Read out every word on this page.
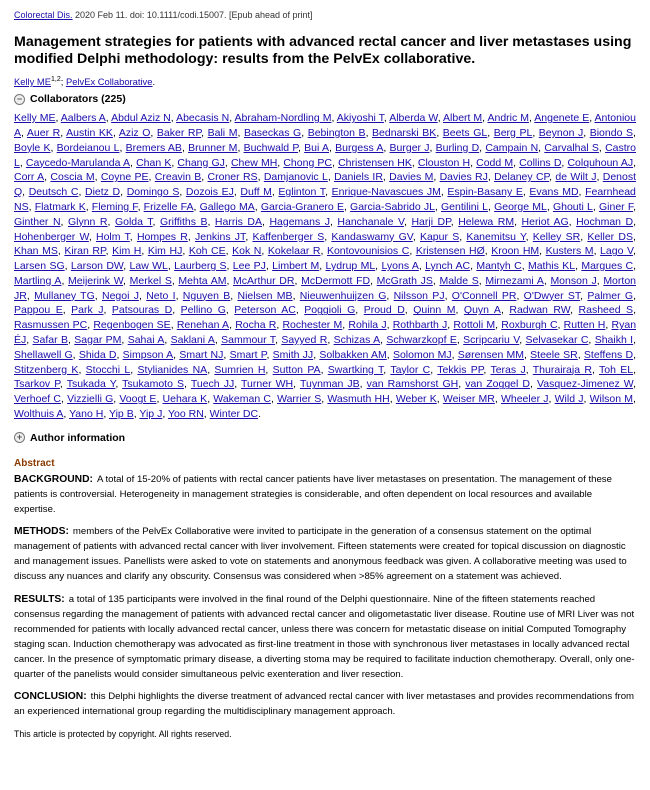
Colorectal Dis. 2020 Feb 11. doi: 10.1111/codi.15007. [Epub ahead of print]
Management strategies for patients with advanced rectal cancer and liver metastases using modified Delphi methodology: results from the PelvEx collaborative.
Kelly ME$^{1,2}$; PelvEx Collaborative.
− Collaborators (225)
Kelly ME, Aalbers A, Abdul Aziz N, Abecasis N, Abraham-Nordling M, Akiyoshi T, Alberda W, Albert M, Andric M, Angenete E, Antoniou A, Auer R, Austin KK, Aziz O, Baker RP, Bali M, Baseckas G, Bebington B, Bednarski BK, Beets GL, Berg PL, Beynon J, Biondo S, Boyle K, Bordeianou L, Bremers AB, Brunner M, Buchwald P, Bui A, Burgess A, Burger J, Burling D, Campain N, Carvalhal S, Castro L, Caycedo-Marulanda A, Chan K, Chang GJ, Chew MH, Chong PC, Christensen HK, Clouston H, Codd M, Collins D, Colquhoun AJ, Corr A, Coscia M, Coyne PE, Creavin B, Croner RS, Damjanovic L, Daniels IR, Davies M, Davies RJ, Delaney CP, de Wilt J, Denost Q, Deutsch C, Dietz D, Domingo S, Dozois EJ, Duff M, Eglinton T, Enrique-Navascues JM, Espin-Basany E, Evans MD, Fearnhead NS, Flatmark K, Fleming F, Frizelle FA, Gallego MA, Garcia-Granero E, Garcia-Sabrido JL, Gentilini L, George ML, Ghouti L, Giner F, Ginther N, Glynn R, Golda T, Griffiths B, Harris DA, Hagemans J, Hanchanale V, Harji DP, Helewa RM, Heriot AG, Hochman D, Hohenberger W, Holm T, Hompes R, Jenkins JT, Kaffenberger S, Kandaswamy GV, Kapur S, Kanemitsu Y, Kelley SR, Keller DS, Khan MS, Kiran RP, Kim H, Kim HJ, Koh CE, Kok N, Kokelaar R, Kontovounisios C, Kristensen HØ, Kroon HM, Kusters M, Lago V, Larsen SG, Larson DW, Law WL, Laurberg S, Lee PJ, Limbert M, Lydrup ML, Lyons A, Lynch AC, Mantyh C, Mathis KL, Margues C, Martling A, Meijerink W, Merkel S, Mehta AM, McArthur DR, McDermott FD, McGrath JS, Malde S, Mirnezami A, Monson J, Morton JR, Mullaney TG, Negoi J, Neto I, Nguyen B, Nielsen MB, Nieuwenhuijzen G, Nilsson PJ, O'Connell PR, O'Dwyer ST, Palmer G, Pappou E, Park J, Patsouras D, Pellino G, Peterson AC, Poggioli G, Proud D, Quinn M, Quyn A, Radwan RW, Rasheed S, Rasmussen PC, Regenbogen SE, Renehan A, Rocha R, Rochester M, Rohila J, Rothbarth J, Rottoli M, Roxburgh C, Rutten H, Ryan ÉJ, Safar B, Sagar PM, Sahai A, Saklani A, Sammour T, Sayyed R, Schizas A, Schwarzkopf E, Scripcariu V, Selvasekar C, Shaikh I, Shellawell G, Shida D, Simpson A, Smart NJ, Smart P, Smith JJ, Solbakken AM, Solomon MJ, Sørensen MM, Steele SR, Steffens D, Stitzenberg K, Stocchi L, Stylianides NA, Sumrien H, Sutton PA, Swartking T, Taylor C, Tekkis PP, Teras J, Thurairaja R, Toh EL, Tsarkov P, Tsukada Y, Tsukamoto S, Tuech JJ, Turner WH, Tuynman JB, van Ramshorst GH, van Zoggel D, Vasquez-Jimenez W, Verhoef C, Vizzielli G, Voogt E, Uehara K, Wakeman C, Warrier S, Wasmuth HH, Weber K, Weiser MR, Wheeler J, Wild J, Wilson M, Wolthuis A, Yano H, Yip B, Yip J, Yoo RN, Winter DC.
+ Author information
Abstract
BACKGROUND: A total of 15-20% of patients with rectal cancer patients have liver metastases on presentation. The management of these patients is controversial. Heterogeneity in management strategies is considerable, and often dependent on local resources and available expertise.
METHODS: members of the PelvEx Collaborative were invited to participate in the generation of a consensus statement on the optimal management of patients with advanced rectal cancer with liver involvement. Fifteen statements were created for topical discussion on diagnostic and management issues. Panellists were asked to vote on statements and anonymous feedback was given. A collaborative meeting was used to discuss any nuances and clarify any obscurity. Consensus was considered when >85% agreement on a statement was achieved.
RESULTS: a total of 135 participants were involved in the final round of the Delphi questionnaire. Nine of the fifteen statements reached consensus regarding the management of patients with advanced rectal cancer and oligometastatic liver disease. Routine use of MRI Liver was not recommended for patients with locally advanced rectal cancer, unless there was concern for metastatic disease on initial Computed Tomography staging scan. Induction chemotherapy was advocated as first-line treatment in those with synchronous liver metastases in locally advanced rectal cancer. In the presence of symptomatic primary disease, a diverting stoma may be required to facilitate induction chemotherapy. Overall, only one-quarter of the panelists would consider simultaneous pelvic exenteration and liver resection.
CONCLUSION: this Delphi highlights the diverse treatment of advanced rectal cancer with liver metastases and provides recommendations from an experienced international group regarding the multidisciplinary management approach.
This article is protected by copyright. All rights reserved.
